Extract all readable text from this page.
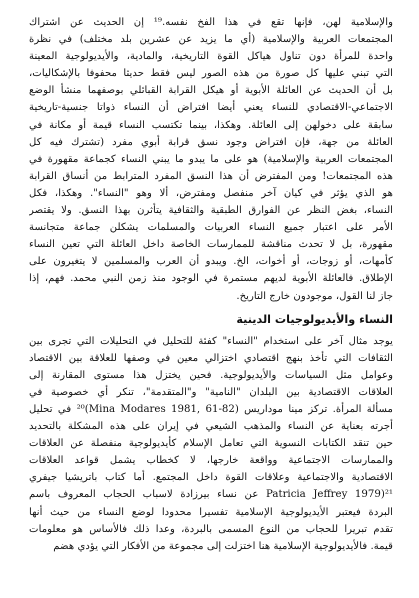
والإسلامية لهن، فإنها تقع في هذا الفخ نفسه.¹⁹ إن الحديث عن اشتراك
المجتمعات العربية والإسلامية (أي ما يزيد عن عشرين بلد مختلف) في نظرة
واحدة للمرأة دون تناول هياكل القوة التاريخية، والمادية، والأيديولوجية المعينة
التي تبني عليها كل صورة من هذه الصور ليس فقط حديثا محفوفا بالإشكاليات،
بل أن الحديث عن العائلة الأبوية أو هيكل القرابة القبائلي بوصفهما منشأ الوضع
الاجتماعي-الاقتصادي للنساء يعني أيضا افتراض أن النساء ذواتا جنسية-تاريخية
سابقة على دخولهن إلى العائلة. وهكذا، بينما تكتسب النساء قيمة أو مكانة في
العائلة من جهة، فإن افتراض وجود نسق قرابة أبوي مفرد (تشترك فيه كل
المجتمعات العربية والإسلامية) هو على ما يبدو ما يبني النساء كجماعة مقهورة في
هذه المجتمعات! ومن المفترض أن هذا النسق المفرد المترابط من أنساق القرابة
هو الذي يؤثر في كيان آخر منفصل ومفترض، ألا وهو "النساء". وهكذا، فكل
النساء، بغض النظر عن الفوارق الطبقية والثقافية يتأثرن بهذا النسق. ولا يقتصر
الأمر على اعتبار جميع النساء العربيات والمسلمات يشكلن جماعة متجانسة
مقهورة، بل لا تحدث مناقشة للممارسات الخاصة داخل العائلة التي تعين النساء
كأمهات، أو زوجات، أو أخوات، الخ. ويبدو أن العرب والمسلمين لا يتغيرون على
الإطلاق. فالعائلة الأبوية لديهم مستمرة في الوجود منذ زمن النبي محمد. فهم، إذا
جاز لنا القول، موجودون خارج التاريخ.
النساء والأيديولوجيات الدينية
يوجد مثال آخر على استخدام "النساء" كفئة للتحليل في التحليلات التي تجرى بين
الثقافات التي تأخذ بنهج اقتصادي اختزالي معين في وصفها للعلاقة بين الاقتصاد
وعوامل مثل السياسات والأيديولوجية. فحين يختزل هذا مستوى المقارنة إلى
العلاقات الاقتصادية بين البلدان "النامية" و"المتقدمة"، تنكر أي خصوصية في
مسألة المرأة. تركز مينا موداريس (Mina Modares 1981, 61-82)²⁰ في تحليل
أجرته بعناية عن النساء والمذهب الشيعي في إيران على هذه المشكلة بالتحديد
حين تنقد الكتابات النسوية التي تعامل الإسلام كأيديولوجية منفصلة عن العلاقات
والممارسات الاجتماعية وواقعة خارجها، لا كخطاب يشمل قواعد العلاقات
الاقتصادية والاجتماعية وعلاقات القوة داخل المجتمع. أما كتاب باتريشيا جيفري
Patricia Jeffrey 1979)²¹ عن نساء بيرزادة لاسباب الحجاب المعروف باسم
البردة فيعتبر الأيديولوجية الإسلامية تفسيرا محدودا لوضع النساء من حيث أنها
تقدم تبريرا للحجاب من النوع المسمى بالبردة، وعدا ذلك فالأساس هو معلومات
قيمة. فالأيديولوجية الإسلامية هنا اختزلت إلى مجموعة من الأفكار التي يؤدي هضم
